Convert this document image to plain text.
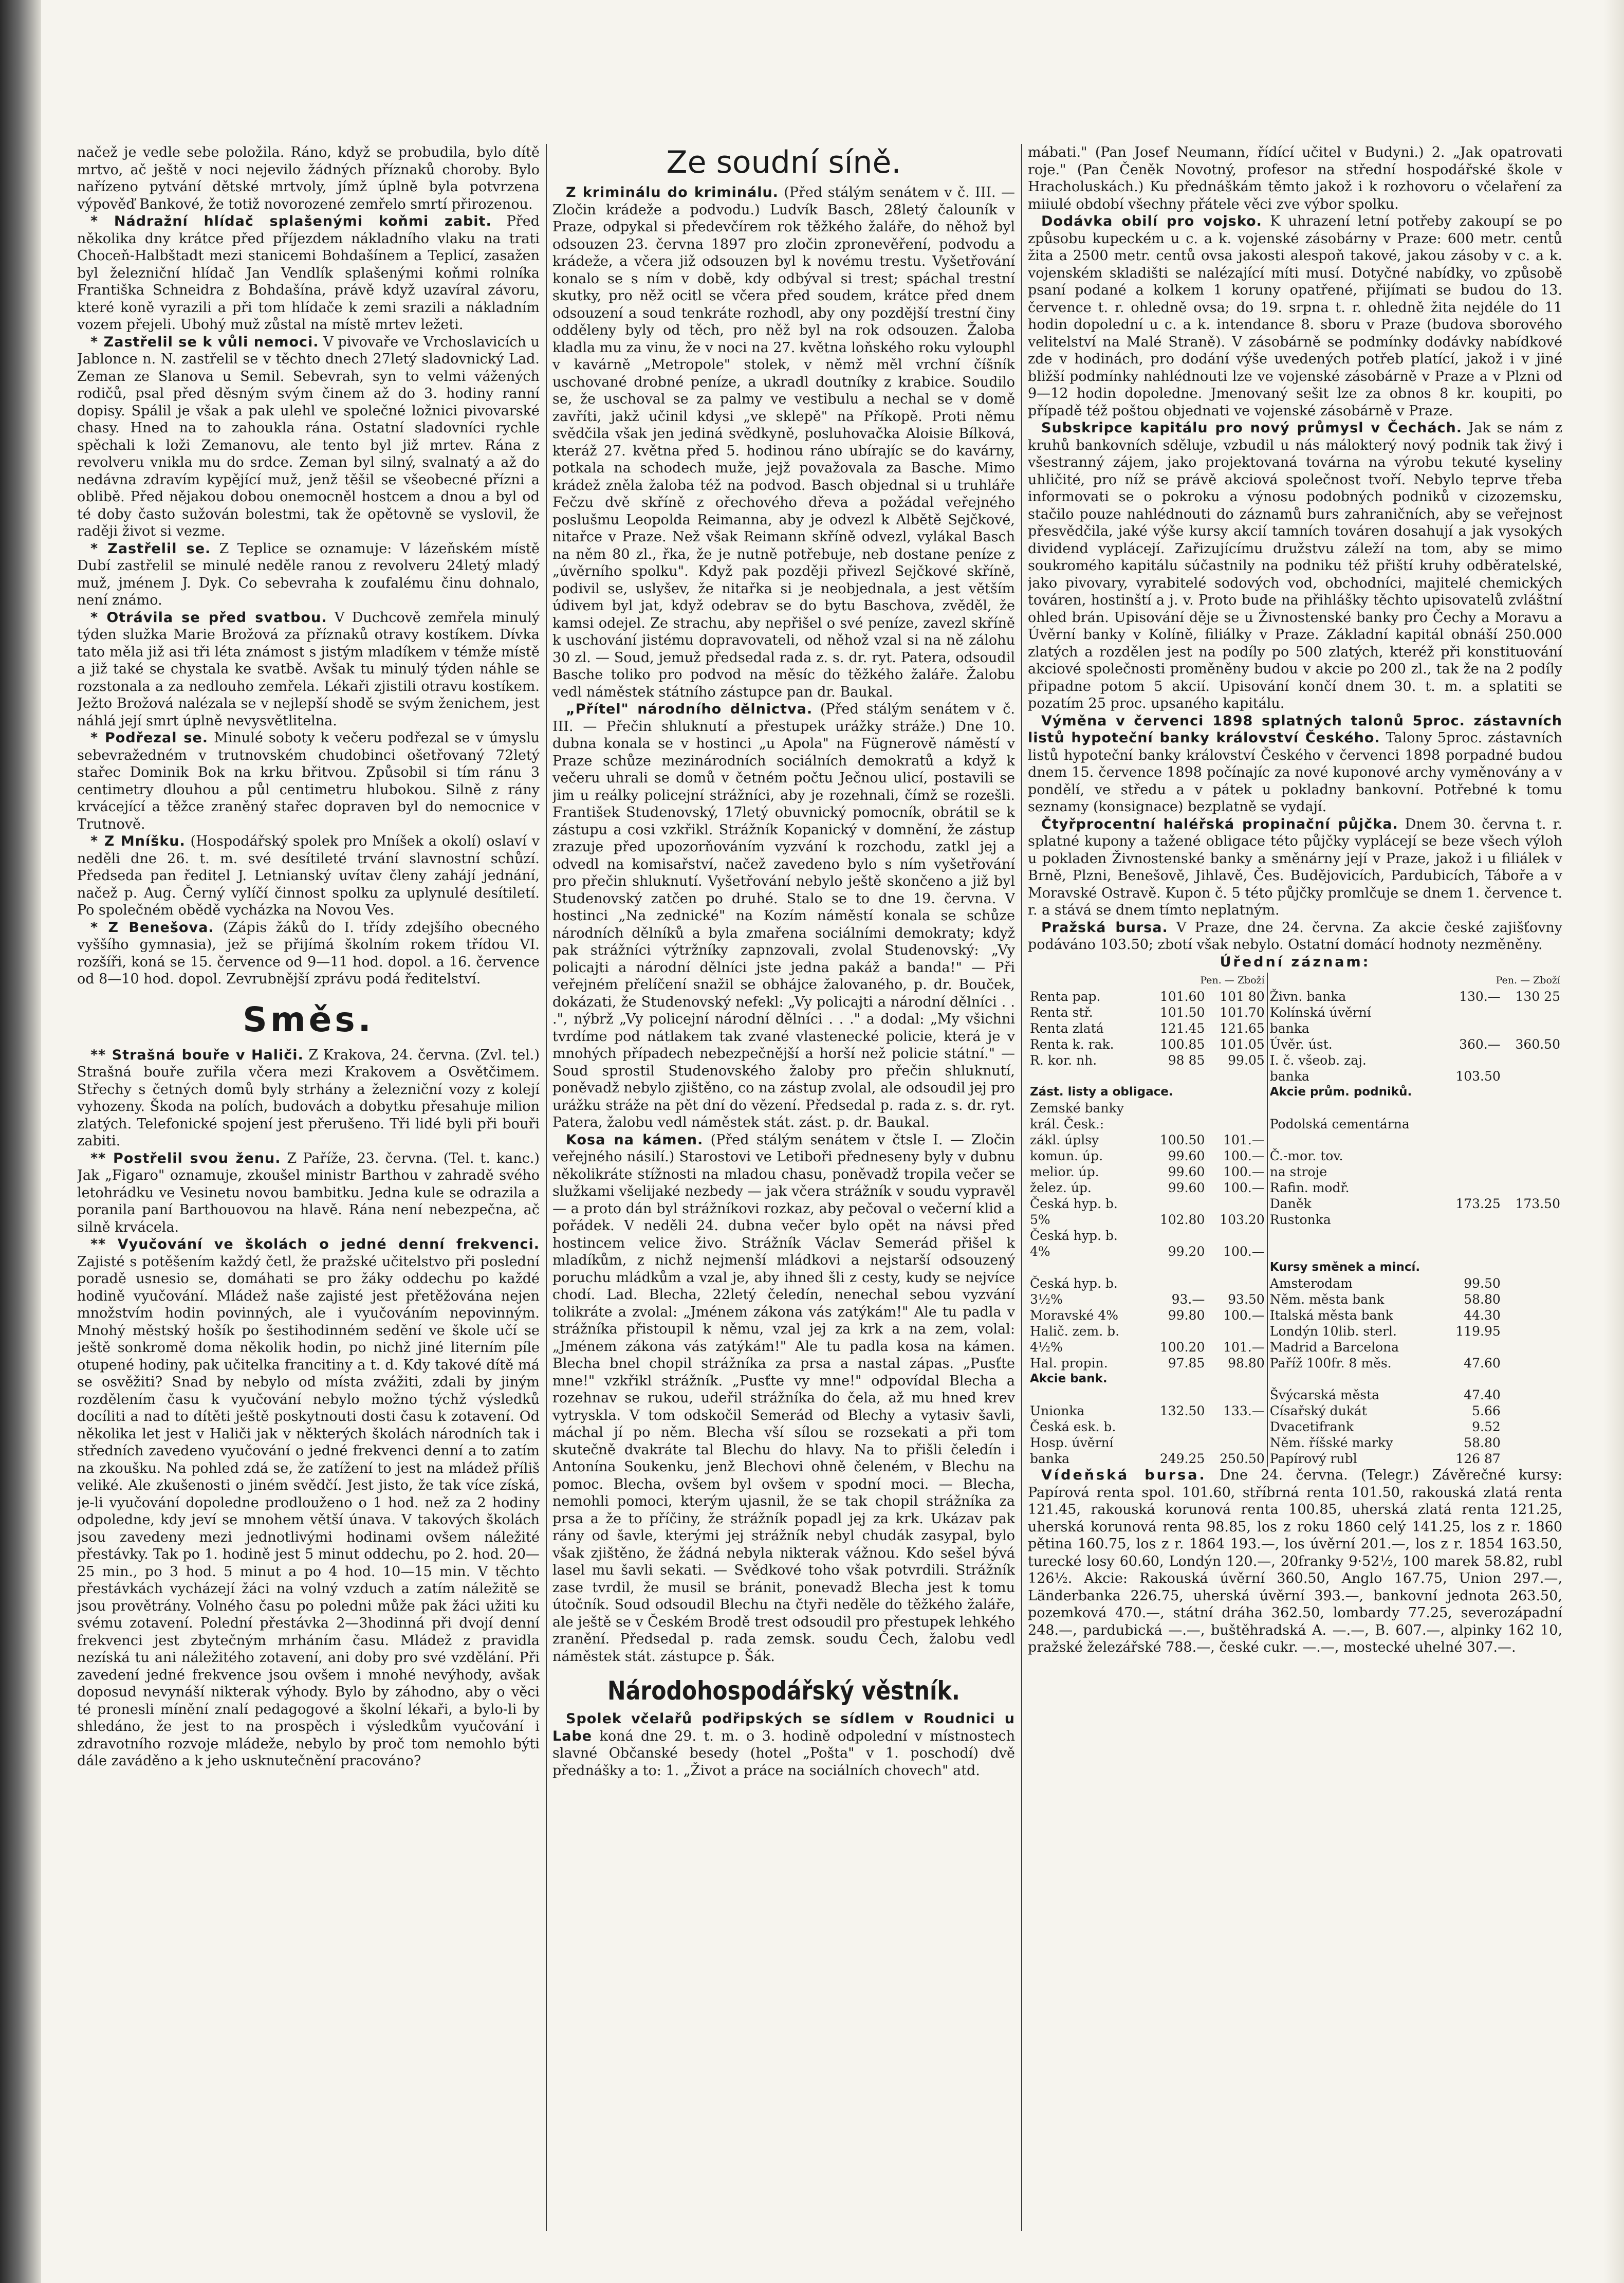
načež je vedle sebe položila. Ráno, když se probudila, bylo dítě mrtvo, ač ještě v noci nejevilo žádných příznaků choroby. Bylo nařízeno pytvání dětské mrtvoly, jímž úplně byla potvrzena výpověď Bankové, že totiž novorozené zemřelo smrtí přirozenou.

* Nádražní hlídač splašenými koňmi zabit. Před několika dny krátce před příjezdem nákladního vlaku na trati Choceň-Halbštadt mezi stanicemi Bohdašínem a Teplicí, zasažen byl železniční hlídač Jan Vendlík splašenými koňmi rolníka Františka Schneidra z Bohdašína, právě když uzavíral závoru, které koně vyrazili a při tom hlídače k zemi srazili a nákladním vozem přejeli. Ubohý muž zůstal na místě mrtev ležeti.

* Zastřelil se k vůli nemoci. V pivovaře ve Vrchoslavicích u Jablonce n. N. zastřelil se v těchto dnech 27letý sladovnický Lad. Zeman ze Slanova u Semil. Sebevrah, syn to velmi vážených rodičů, psal před děsným svým činem až do 3. hodiny ranní dopisy. Spálil je však a pak ulehl ve společné ložnici pivovarské chasy. Hned na to zahoukla rána. Ostatní sladovníci rychle spěchali k loži Zemanovu, ale tento byl již mrtev. Rána z revolveru vnikla mu do srdce. Zeman byl silný, svalnatý a až do nedávna zdravím kypějící muž, jenž těšil se všeobecné přízni a oblibě. Před nějakou dobou onemocněl hostcem a dnou a byl od té doby často sužován bolestmi, tak že opětovně se vyslovil, že raději život si vezme.

* Zastřelil se. Z Teplice se oznamuje: V lázeňském místě Dubí zastřelil se minulé neděle ranou z revolveru 24letý mladý muž, jménem J. Dyk. Co sebevraha k zoufalému činu dohnalo, není známo.

* Otrávila se před svatbou. V Duchcově zemřela minulý týden služka Marie Brožová za příznaků otravy kostíkem. Dívka tato měla již asi tři léta známost s jistým mladíkem v témže místě a již také se chystala ke svatbě. Avšak tu minulý týden náhle se rozstonala a za nedlouho zemřela. Lékaři zjistili otravu kostíkem. Ježto Brožová nalézala se v nejlepší shodě se svým ženichem, jest náhlá její smrt úplně nevysvětlitelna.

* Podřezal se. Minulé soboty k večeru podřezal se v úmyslu sebevražedném v trutnovském chudobinci ošetřovaný 72letý stařec Dominik Bok na krku břitvou. Způsobil si tím ránu 3 centimetry dlouhou a půl centimetru hlubokou. Silně z rány krvácející a těžce zraněný stařec dopraven byl do nemocnice v Trutnově.

* Z Mníšku. (Hospodářský spolek pro Mníšek a okolí) oslaví v neděli dne 26. t. m. své desítileté trvání slavnostní schůzí. Předseda pan ředitel J. Letnianský uvítav členy zahájí jednání, načež p. Aug. Černý vylíčí činnost spolku za uplynulé desítiletí. Po společném obědě vycházka na Novou Ves.

* Z Benešova. (Zápis žáků do I. třídy zdejšího obecného vyššího gymnasia), jež se přijímá školním rokem třídou VI. rozšíři, koná se 15. července od 9—11 hod. dopol. a 16. července od 8—10 hod. dopol. Zevrubnější zprávu podá ředitelství.

Směs.

** Strašná bouře v Haliči. Z Krakova, 24. června. (Zvl. tel.) Strašná bouře zuřila včera mezi Krakovem a Osvětčimem. Střechy s četných domů byly strhány a železniční vozy z kolejí vyhozeny. Škoda na polích, budovách a dobytku přesahuje milion zlatých. Telefonické spojení jest přerušeno. Tři lidé byli při bouři zabiti.

** Postřelil svou ženu. Z Paříže, 23. června. (Tel. t. kanc.) Jak „Figaro" oznamuje, zkoušel ministr Barthou v zahradě svého letohrádku ve Vesinetu novou bambitku. Jedna kule se odrazila a poranila paní Barthouovou na hlavě. Rána není nebezpečna, ač silně krvácela.

** Vyučování ve školách o jedné denní frekvenci. Zajisté s potěšením každý četl, že pražské učitelstvo při poslední poradě usnesio se, domáhati se pro žáky oddechu po každé hodině vyučování. Mládež naše zajisté jest přetěžována nejen množstvím hodin povinných, ale i vyučováním nepovinným. Mnohý městský hošík po šestihodinném sedění ve škole učí se ještě sonkromě doma několik hodin, po nichž jiné literním píle otupené hodiny, pak učitelka francitiny a t. d. Kdy takové dítě má se osvěžiti? Snad by nebylo od místa zvážiti, zdali by jiným rozdělením času k vyučování nebylo možno týchž výsledků docíliti a nad to dítěti ještě poskytnouti dosti času k zotavení. Od několika let jest v Haliči jak v některých školách národních tak i středních zavedeno vyučování o jedné frekvenci denní a to zatím na zkoušku. Na pohled zdá se, že zatížení to jest na mládež příliš veliké. Ale zkušenosti o jiném svědčí. Jest jisto, že tak více získá, je-li vyučování dopoledne prodlouženo o 1 hod. než za 2 hodiny odpoledne, kdy jeví se mnohem větší únava. V takových školách jsou zavedeny mezi jednotlivými hodinami ovšem náležité přestávky. Tak po 1. hodině jest 5 minut oddechu, po 2. hod. 20—25 min., po 3 hod. 5 minut a po 4 hod. 10—15 min. V těchto přestávkách vycházejí žáci na volný vzduch a zatím náležitě se jsou provětrány. Volného času po poledni může pak žáci užiti ku svému zotavení. Polední přestávka 2—3hodinná při dvojí denní frekvenci jest zbytečným mrháním času. Mládež z pravidla nezíská tu ani náležitého zotavení, ani doby pro své vzdělání. Při zavedení jedné frekvence jsou ovšem i mnohé nevýhody, avšak doposud nevynáší nikterak výhody. Bylo by záhodno, aby o věci té pronesli mínění znalí pedagogové a školní lékaři, a bylo-li by shledáno, že jest to na prospěch i výsledkům vyučování i zdravotního rozvoje mládeže, nebylo by proč tom nemohlo býti dále zaváděno a k jeho usknutečnění pracováno?

Ze soudní síně.

Z kriminálu do kriminálu. (Před stálým senátem v č. III. — Zločin krádeže a podvodu.) Ludvík Basch, 28letý čalouník v Praze, odpykal si předevčírem rok těžkého žaláře, do něhož byl odsouzen 23. června 1897 pro zločin zpronevěření, podvodu a krádeže, a včera již odsouzen byl k novému trestu. Vyšetřování konalo se s ním v době, kdy odbýval si trest; spáchal trestní skutky, pro něž ocitl se včera před soudem, krátce před dnem odsouzení a soud tenkráte rozhodl, aby ony pozdější trestní činy odděleny byly od těch, pro něž byl na rok odsouzen. Žaloba kladla mu za vinu, že v noci na 27. května loňského roku vylouphl v kavárně „Metropole" stolek, v němž měl vrchní číšník uschované drobné peníze, a ukradl doutníky z krabice. Soudilo se, že uschoval se za palmy ve vestibulu a nechal se v domě zavříti, jakž učinil kdysi „ve sklepě" na Příkopě. Proti němu svědčila však jen jediná svědkyně, posluhovačka Aloisie Bílková, kteráž 27. května před 5. hodinou ráno ubírajíc se do kavárny, potkala na schodech muže, jejž považovala za Basche. Mimo krádež zněla žaloba též na podvod. Basch objednal si u truhláře Fečzu dvě skříně z ořechového dřeva a požádal veřejného poslušmu Leopolda Reimanna, aby je odvezl k Albětě Sejčkové, nitařce v Praze. Než však Reimann skříně odvezl, vylákal Basch na něm 80 zl., řka, že je nutně potřebuje, neb dostane peníze z „úvěrního spolku". Když pak později přivezl Sejčkové skříně, podivil se, uslyšev, že nitařka si je neobjednala, a jest větším údivem byl jat, když odebrav se do bytu Baschova, zvěděl, že kamsi odejel. Ze strachu, aby nepřišel o své peníze, zavezl skříně k uschování jistému dopravovateli, od něhož vzal si na ně zálohu 30 zl. — Soud, jemuž předsedal rada z. s. dr. ryt. Patera, odsoudil Basche toliko pro podvod na měsíc do těžkého žaláře. Žalobu vedl náměstek státního zástupce pan dr. Baukal.

„Přítel" národního dělnictva. (Před stálým senátem v č. III. — Přečin shluknutí a přestupek urážky stráže.) Dne 10. dubna konala se v hostinci „u Apola" na Fügnerově náměstí v Praze schůze mezinárodních sociálních demokratů a když k večeru uhrali se domů v četném počtu Ječnou ulicí, postavili se jim u reálky policejní strážníci, aby je rozehnali, čímž se rozešli. František Studenovský, 17letý obuvnický pomocník, obrátil se k zástupu a cosi vzkřikl. Strážník Kopanický v domnění, že zástup zrazuje před upozorňováním vyzvání k rozchodu, zatkl jej a odvedl na komisařství, načež zavedeno bylo s ním vyšetřování pro přečin shluknutí. Vyšetřování nebylo ještě skončeno a již byl Studenovský zatčen po druhé. Stalo se to dne 19. června. V hostinci „Na zednické" na Kozím náměstí konala se schůze národních dělníků a byla zmařena sociálními demokraty; když pak strážníci výtržníky zapnzovali, zvolal Studenovský: „Vy policajti a národní dělníci jste jedna pakáž a banda!" — Při veřejném přelíčení snažil se obhájce žalovaného, p. dr. Bouček, dokázati, že Studenovský nefekl: „Vy policajti a národní dělníci . . .", nýbrž „Vy policejní národní dělníci . . ." a dodal: „My všichni tvrdíme pod nátlakem tak zvané vlastenecké policie, která je v mnohých případech nebezpečnější a horší než policie státní." — Soud sprostil Studenovského žaloby pro přečin shluknutí, poněvadž nebylo zjištěno, co na zástup zvolal, ale odsoudil jej pro urážku stráže na pět dní do vězení. Předsedal p. rada z. s. dr. ryt. Patera, žalobu vedl náměstek stát. zást. p. dr. Baukal.

Kosa na kámen. (Před stálým senátem v čtsle I. — Zločin veřejného násilí.) Starostovi ve Letiboři předneseny byly v dubnu několikráte stížnosti na mladou chasu, poněvadž tropila večer se služkami všelijaké nezbedy — jak včera strážník v soudu vypravěl — a proto dán byl strážníkovi rozkaz, aby pečoval o večerní klid a pořádek. V neděli 24. dubna večer bylo opět na návsi před hostincem velice živo. Strážník Václav Semerád přišel k mladíkům, z nichž nejmenší mládkovi a nejstarší odsouzený poruchu mládkům a vzal je, aby ihned šli z cesty, kudy se nejvíce chodí. Lad. Blecha, 22letý čeledín, nenechal sebou vyzvání tolikráte a zvolal: „Jménem zákona vás zatýkám!" Ale tu padla v strážníka přistoupil k němu, vzal jej za krk a na zem, volal: „Jménem zákona vás zatýkám!" Ale tu padla kosa na kámen. Blecha bnel chopil strážníka za prsa a nastal zápas. „Pusťte mne!" vzkřikl strážník. „Pusťte vy mne!" odpovídal Blecha a rozehnav se rukou, udeřil strážníka do čela, až mu hned krev vytryskla. V tom odskočil Semerád od Blechy a vytasiv šavli, máchal jí po něm. Blecha vší sílou se rozsekati a při tom skutečně dvakráte tal Blechu do hlavy. Na to přišli čeledín i Antonína Soukenku, jenž Blechovi ohně čeleném, v Blechu na pomoc. Blecha, ovšem byl ovšem v spodní moci. — Blecha, nemohli pomoci, kterým ujasnil, že se tak chopil strážníka za prsa a že to příčiny, že strážník popadl jej za krk. Ukázav pak rány od šavle, kterými jej strážník nebyl chudák zasypal, bylo však zjištěno, že žádná nebyla nikterak vážnou. Kdo sešel bývá lasel mu šavli sekati. — Svědkové toho však potvrdili. Strážník zase tvrdil, že musil se bránit, ponevadž Blecha jest k tomu útočník. Soud odsoudil Blechu na čtyři neděle do těžkého žaláře, ale ještě se v Českém Brodě trest odsoudil pro přestupek lehkého zranění. Předsedal p. rada zemsk. soudu Čech, žalobu vedl náměstek stát. zástupce p. Šák.

Národohospodářský věstník.

Spolek včelařů podřipských se sídlem v Roudnici u Labe koná dne 29. t. m. o 3. hodině odpolední v místnostech slavné Občanské besedy (hotel „Pošta" v 1. poschodí) dvě přednášky a to: 1. „Život a práce na sociálních chovech" atd.

mábati." (Pan Josef Neumann, řídící učitel v Budyni.) 2. „Jak opatrovati roje." (Pan Čeněk Novotný, profesor na střední hospodářské škole v Hracholuskách.) Ku přednáškám těmto jakož i k rozhovoru o včelaření za miiulé období všechny přátele věci zve výbor spolku.

Dodávka obilí pro vojsko. K uhrazení letní potřeby zakoupí se po způsobu kupeckém u c. a k. vojenské zásobárny v Praze: 600 metr. centů žita a 2500 metr. centů ovsa jakosti alespoň takové, jakou zásoby v c. a k. vojenském skladišti se nalézající míti musí. Dotyčné nabídky, vo způsobě psaní podané a kolkem 1 koruny opatřené, přijímati se budou do 13. července t. r. ohledně ovsa; do 19. srpna t. r. ohledně žita nejdéle do 11 hodin dopolední u c. a k. intendance 8. sboru v Praze (budova sborového velitelství na Malé Straně). V zásobárně se podmínky dodávky nabídkové zde v hodinách, pro dodání výše uvedených potřeb platící, jakož i v jiné bližší podmínky nahlédnouti lze ve vojenské zásobárně v Praze a v Plzni od 9—12 hodin dopoledne. Jmenovaný sešit lze za obnos 8 kr. koupiti, po případě též poštou objednati ve vojenské zásobárně v Praze.

Subskripce kapitálu pro nový průmysl v Čechách. Jak se nám z kruhů bankovních sděluje, vzbudil u nás málokterý nový podnik tak živý i všestranný zájem, jako projektovaná továrna na výrobu tekuté kyseliny uhličité, pro níž se právě akciová společnost tvoří. Nebylo teprve třeba informovati se o pokroku a výnosu podobných podniků v cizozemsku, stačilo pouze nahlédnouti do záznamů burs zahraničních, aby se veřejnost přesvědčila, jaké výše kursy akcií tamních továren dosahují a jak vysokých dividend vyplácejí. Zařizujícímu družstvu záleží na tom, aby se mimo soukromého kapitálu súčastnily na podniku též přiští kruhy odběratelské, jako pivovary, vyrabitelé sodových vod, obchodníci, majitelé chemických továren, hostinští a j. v. Proto bude na přihlášky těchto upisovatelů zvláštní ohled brán. Upisování děje se u Živnostenské banky pro Čechy a Moravu a Úvěrní banky v Kolíně, filiálky v Praze. Základní kapitál obnáší 250.000 zlatých a rozdělen jest na podíly po 500 zlatých, kteréž při konstituování akciové společnosti proměněny budou v akcie po 200 zl., tak že na 2 podíly připadne potom 5 akcií. Upisování končí dnem 30. t. m. a splatiti se pozatím 25 proc. upsaného kapitálu.

Výměna v červenci 1898 splatných talonů 5proc. zástavních listů hypoteční banky království Českého. Talony 5proc. zástavních listů hypoteční banky království Českého v červenci 1898 porpadné budou dnem 15. července 1898 počínajíc za nové kuponové archy vyměnovány a v pondělí, ve středu a v pátek u pokladny bankovní. Potřebné k tomu seznamy (konsignace) bezplatně se vydají.

Čtyřprocentní haléřská propinační půjčka. Dnem 30. června t. r. splatné kupony a tažené obligace této půjčky vyplácejí se beze všech výloh u pokladen Živnostenské banky a směnárny její v Praze, jakož i u filiálek v Brně, Plzni, Benešově, Jihlavě, Čes. Budějovicích, Pardubicích, Táboře a v Moravské Ostravě. Kupon č. 5 této půjčky promlčuje se dnem 1. července t. r. a stává se dnem tímto neplatným.

Pražská bursa. V Praze, dne 24. června. Za akcie české zajišťovny podáváno 103.50; zbotí však nebylo. Ostatní domácí hodnoty nezměněny.

Úřední záznam:

Pen. — Zboží			Pen. — Zboží		
Renta pap.	101.60	101 80	Živn. banka	130.—	130 25
Renta stř.	101.50	101.70	Kolínská úvěrní		
Renta zlatá	121.45	121.65	banka		
Renta k. rak.	100.85	101.05	Úvěr. úst.	360.—	360.50
R. kor. nh.	98 85	99.05	I. č. všeob. zaj.		
			banka	103.50	
Zást. listy a obligace.			Akcie prům. podniků.		
Zemské banky					
král. Česk.:			Podolská cementárna		
zákl. úplsy	100.50	101.—			
komun. úp.	99.60	100.—	Č.-mor. tov.		
melior. úp.	99.60	100.—	na stroje		
želez. úp.	99.60	100.—	Rafin. modř.		
Česká hyp. b.			Daněk	173.25	173.50
5%	102.80	103.20	Rustonka		
Česká hyp. b.					
4%	99.20	100.—			
			Kursy směnek a mincí.		
Česká hyp. b.			Amsterodam	99.50	
3½%	93.—	93.50	Něm. města bank	58.80	
Moravské 4%	99.80	100.—	Italská města bank	44.30	
Halič. zem. b.			Londýn 10lib. sterl.	119.95	
4½%	100.20	101.—	Madrid a Barcelona		
Hal. propin.	97.85	98.80	Paříž 100fr. 8 měs.	47.60	
Akcie bank.					
			Švýcarská města	47.40	
Unionka	132.50	133.—	Císařský dukát	5.66	
Česká esk. b.			Dvacetifrank	9.52	
Hosp. úvěrní			Něm. říšské marky	58.80	
banka	249.25	250.50	Papírový rubl	126 87	

Vídeňská bursa. Dne 24. června. (Telegr.) Závěrečné kursy: Papírová renta spol. 101.60, stříbrná renta 101.50, rakouská zlatá renta 121.45, rakouská korunová renta 100.85, uherská zlatá renta 121.25, uherská korunová renta 98.85, los z roku 1860 celý 141.25, los z r. 1860 pětina 160.75, los z r. 1864 193.—, los úvěrní 201.—, los z r. 1854 163.50, turecké losy 60.60, Londýn 120.—, 20franky 9·52½, 100 marek 58.82, rubl 126½. Akcie: Rakouská úvěrní 360.50, Anglo 167.75, Union 297.—, Länderbanka 226.75, uherská úvěrní 393.—, bankovní jednota 263.50, pozemková 470.—, státní dráha 362.50, lombardy 77.25, severozápadní 248.—, pardubická —.—, buštěhradská A. —.—, B. 607.—, alpinky 162 10, pražské železářské 788.—, české cukr. —.—, mostecké uhelné 307.—.
